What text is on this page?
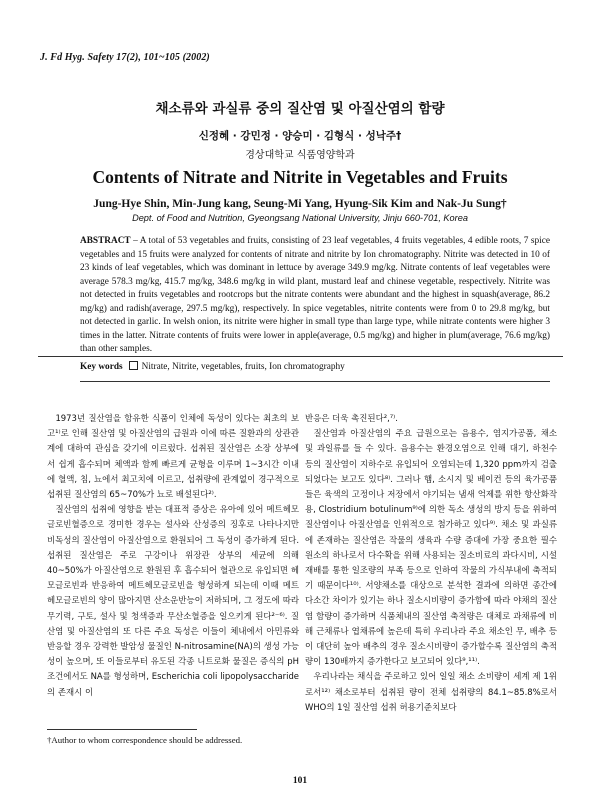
J. Fd Hyg. Safety 17(2), 101~105 (2002)
채소류와 과실류 중의 질산염 및 아질산염의 함량
신정혜 · 강민정 · 양승미 · 김형식 · 성낙주†
경상대학교 식품영양학과
Contents of Nitrate and Nitrite in Vegetables and Fruits
Jung-Hye Shin, Min-Jung kang, Seung-Mi Yang, Hyung-Sik Kim and Nak-Ju Sung†
Dept. of Food and Nutrition, Gyeongsang National University, Jinju 660-701, Korea
ABSTRACT – A total of 53 vegetables and fruits, consisting of 23 leaf vegetables, 4 fruits vegetables, 4 edible roots, 7 spice vegetables and 15 fruits were analyzed for contents of nitrate and nitrite by Ion chromatography. Nitrite was detected in 10 of 23 kinds of leaf vegetables, which was dominant in lettuce by average 349.9 mg/kg. Nitrate contents of leaf vegetables were average 578.3 mg/kg, 415.7 mg/kg, 348.6 mg/kg in wild plant, mustard leaf and chinese vegetable, respectively. Nitrite was not detected in fruits vegetables and rootcrops but the nitrate contents were abundant and the highest in squash(average, 86.2 mg/kg) and radish(average, 297.5 mg/kg), respectively. In spice vegetables, nitrite contents were from 0 to 29.8 mg/kg, but not detected in garlic. In welsh onion, its nitrite were higher in small type than large type, while nitrate contents were higher 3 times in the latter. Nitrate contents of fruits were lower in apple(average, 0.5 mg/kg) and higher in plum(average, 76.6 mg/kg) than other samples.
Key words Nitrate, Nitrite, vegetables, fruits, Ion chromatography

1973년 질산염을 함유한 식품이 인체에 독성이 있다는 최초의 보고¹⁾로 인해 질산염 및 아질산염의 급원과 이에 따른 질환과의 상관관계에 대하여 관심을 갖기에 이르렀다. 섭취된 질산염은 소장 상부에서 쉽게 흡수되며 체액과 함께 빠르게 균형을 이루며 1~3시간 이내에 혈액, 침, 뇨에서 최고치에 이르고, 섭취량에 관계없이 경구적으로 섭취된 질산염의 65~70%가 뇨로 배설된다²⁾.

질산염의 섭취에 영향을 받는 대표적 증상은 유아에 있어 메트헤모글로빈혈증으로 경미한 경우는 설사와 산성증의 징후로 나타나지만 비독성의 질산염이 아질산염으로 환원되어 그 독성이 증가하게 된다. 섭취된 질산염은 주로 구강이나 위장관 상부의 세균에 의해 40~50%가 아질산염으로 환원된 후 흡수되어 혈관으로 유입되면 헤모글로빈과 반응하여 메트헤모글로빈을 형성하게 되는데 이때 메트헤모글로빈의 양이 많아지면 산소운반능이 저하되며, 그 정도에 따라 무기력, 구토, 설사 및 청색증과 무산소혈증을 일으키게 된다²⁻⁶⁾. 질산염 및 아질산염의 또 다른 주요 독성은 이들이 체내에서 아민류와 반응할 경우 강력한 발암성 물질인 N-nitrosamine(NA)의 생성 가능성이 높으며, 또 이들로부터 유도된 각종 니트로화 물질은 증식의 pH 조건에서도 NA를 형성하며, Escherichia coli lipopolysaccharide의 존재시 이

반응은 더욱 촉진된다²,⁷⁾.

질산염과 아질산염의 주요 급원으로는 음용수, 염지가공품, 채소 및 과일류를 들 수 있다. 음용수는 환경오염으로 인해 대기, 하천수 등의 질산염이 지하수로 유입되어 오염되는데 1,320 ppm까지 검출되었다는 보고도 있다⁸⁾. 그러나 햄, 소시지 및 베이컨 등의 육가공품들은 육색의 고정이나 저장에서 야기되는 냄새 억제를 위한 항산화작용, Clostridium botulinum⁹⁾에 의한 독소 생성의 방지 등을 위하여 질산염이나 아질산염을 인위적으로 첨가하고 있다⁹⁾. 채소 및 과실류에 존재하는 질산염은 작물의 생육과 수량 증대에 가장 중요한 필수원소의 하나로서 다수확을 위해 사용되는 질소비료의 과다시비, 시설재배를 통한 일조량의 부족 등으로 인하여 작물의 가식부내에 축적되기 때문이다¹⁰⁾. 서양채소를 대상으로 분석한 결과에 의하면 종간에 다소간 차이가 있기는 하나 질소시비량이 증가함에 따라 야채의 질산염 함량이 증가하며 식품체내의 질산염 축적량은 대체로 과채류에 비해 근채류나 엽채류에 높은데 특히 우리나라 주요 채소인 무, 배추 등이 대단히 높아 배추의 경우 질소시비량이 증가할수록 질산염의 축적량이 130배까지 증가한다고 보고되어 있다⁹,¹¹⁾.

우리나라는 채식을 주로하고 있어 일일 채소 소비량이 세계 제 1위로서¹²⁾ 채소로부터 섭취된 량이 전체 섭취량의 84.1~85.8%로서 WHO의 1일 질산염 섭취 허용기준치보다

†Author to whom correspondence should be addressed.
101
